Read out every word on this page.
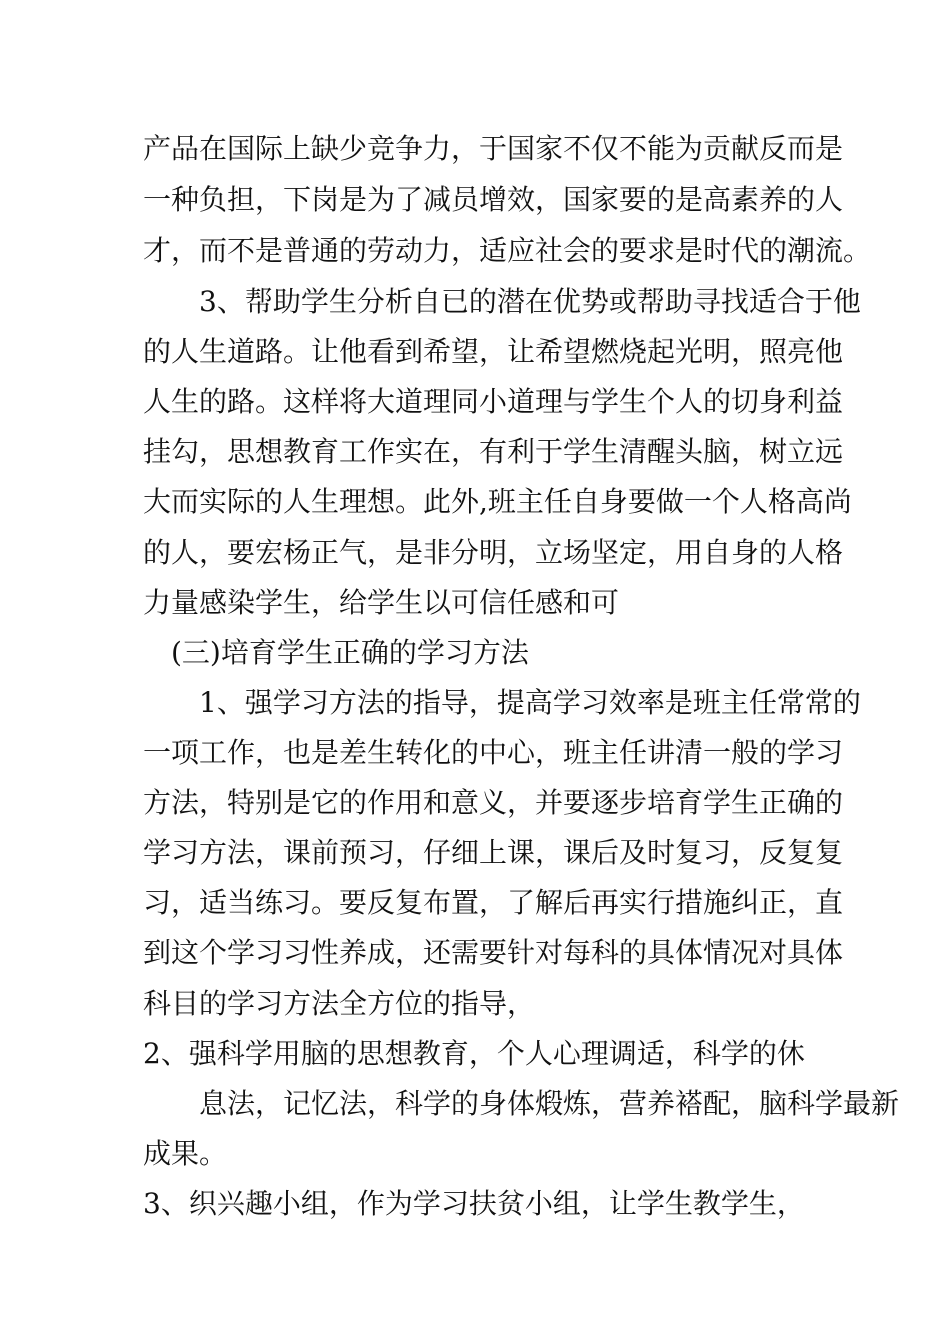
产品在国际上缺少竞争力，于国家不仅不能为贡献反而是
一种负担，下岗是为了减员增效，国家要的是高素养的人
才，而不是普通的劳动力，适应社会的要求是时代的潮流。
3、帮助学生分析自已的潜在优势或帮助寻找适合于他
的人生道路。让他看到希望，让希望燃烧起光明，照亮他
人生的路。这样将大道理同小道理与学生个人的切身利益
挂勾，思想教育工作实在，有利于学生清醒头脑，树立远
大而实际的人生理想。此外,班主任自身要做一个人格高尚
的人，要宏杨正气，是非分明，立场坚定，用自身的人格
力量感染学生，给学生以可信任感和可
(三)培育学生正确的学习方法
1、强学习方法的指导，提高学习效率是班主任常常的
一项工作，也是差生转化的中心，班主任讲清一般的学习
方法，特别是它的作用和意义，并要逐步培育学生正确的
学习方法，课前预习，仔细上课，课后及时复习，反复复
习，适当练习。要反复布置，了解后再实行措施纠正，直
到这个学习习性养成，还需要针对每科的具体情况对具体
科目的学习方法全方位的指导，
2、强科学用脑的思想教育，个人心理调适，科学的休
息法，记忆法，科学的身体煅炼，营养褡配，脑科学最新
成果。
3、织兴趣小组，作为学习扶贫小组，让学生教学生，
